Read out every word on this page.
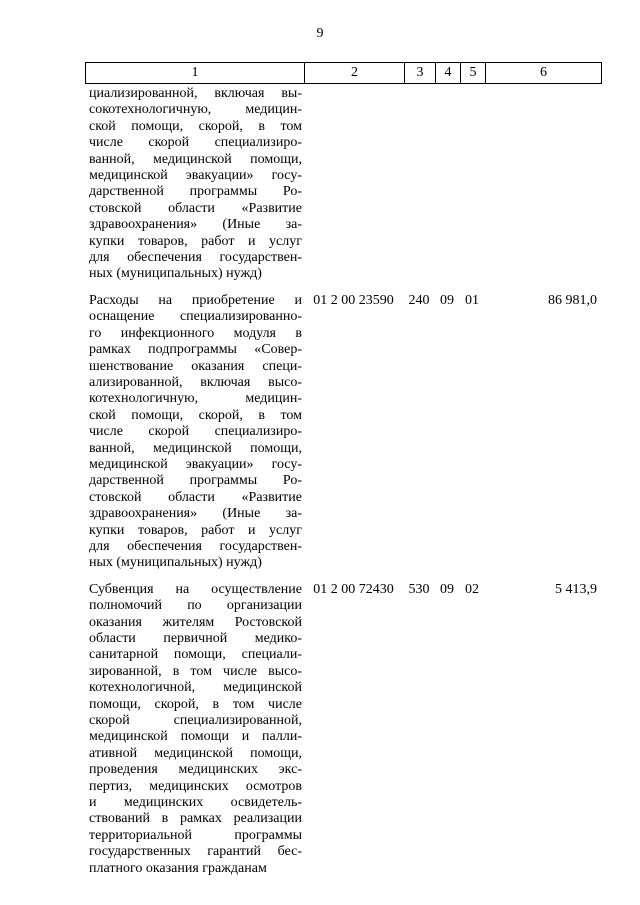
9
1	2	3	4	5	6
циализированной, включая вы-
сокотехнологичную, медицин-
ской помощи, скорой, в том
числе скорой специализиро-
ванной, медицинской помощи,
медицинской эвакуации» госу-
дарственной программы Ро-
стовской области «Развитие
здравоохранения» (Иные за-
купки товаров, работ и услуг
для обеспечения государствен-
ных (муниципальных) нужд)
Расходы на приобретение и
оснащение специализированно-
го инфекционного модуля в
рамках подпрограммы «Совер-
шенствование оказания специ-
ализированной, включая высо-
котехнологичную, медицин-
ской помощи, скорой, в том
числе скорой специализиро-
ванной, медицинской помощи,
медицинской эвакуации» госу-
дарственной программы Ро-
стовской области «Развитие
здравоохранения» (Иные за-
купки товаров, работ и услуг
для обеспечения государствен-
ных (муниципальных) нужд)
01 2 00 23590	240 09 01	86 981,0
Субвенция на осуществление
полномочий по организации
оказания жителям Ростовской
области первичной медико-
санитарной помощи, специали-
зированной, в том числе высо-
котехнологичной, медицинской
помощи, скорой, в том числе
скорой специализированной,
медицинской помощи и палли-
ативной медицинской помощи,
проведения медицинских экс-
пертиз, медицинских осмотров
и медицинских освидетель-
ствований в рамках реализации
территориальной программы
государственных гарантий бес-
платного оказания гражданам
01 2 00 72430	530 09 02	5 413,9
